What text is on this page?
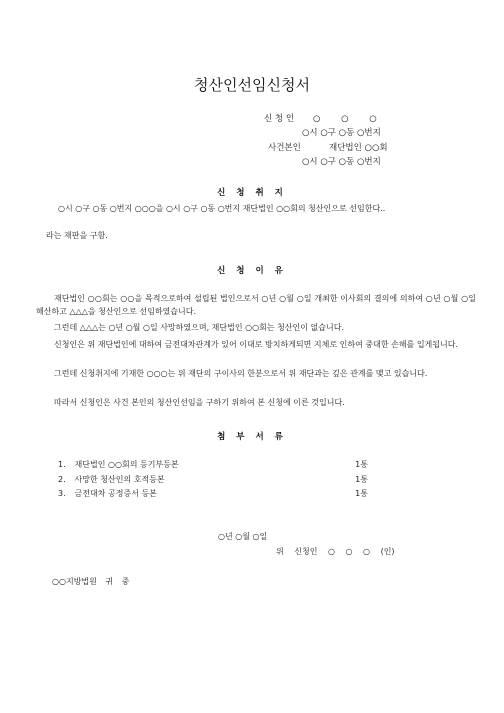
청산인선임신청서
신 청 인 ○ ○ ○
○시 ○구 ○동 ○번지
사건본인	재단법인 ○○회
○시 ○구 ○동 ○번지
신 청 취 지
○시 ○구 ○동 ○번지 ○○○을 ○시 ○구 ○동 ○번지 재단법인 ○○회의 청산인으로 선임한다..
라는 재판을 구함.
신 청 이 유
재단법인 ○○회는 ○○을 목적으로하여 설립된 법인으로서 ○년 ○월 ○일 개최한 이사회의 결의에 의하여 ○년 ○월 ○일 해산하고 △△△을 청산인으로 선임하였습니다.
그런데 △△△는 ○년 ○월 ○일 사망하였으며, 재단법인 ○○회는 청산인이 없습니다.
신청인은 위 재단법인에 대하여 금전대차관계가 있어 이대로 방치하게되면 지체로 인하여 중대한 손해를 입게됩니다.
그런데 신청취지에 기재한 ○○○는 위 재단의 구이사의 한분으로서 위 재단과는 깊은 관계를 맺고 있습니다.
따라서 신청인은 사건 본인의 청산인선임을 구하기 위하여 본 신청에 이른 것입니다.
첨 부 서 류
1. 재단법인 ○○회의 등기부등본	1통
2. 사망한 청산인의 호적등본	1통
3. 금전대차 공정증서 등본	1통
○년 ○월 ○일
위 신청인 ○ ○ ○ (인)
○○지방법원 귀 중
